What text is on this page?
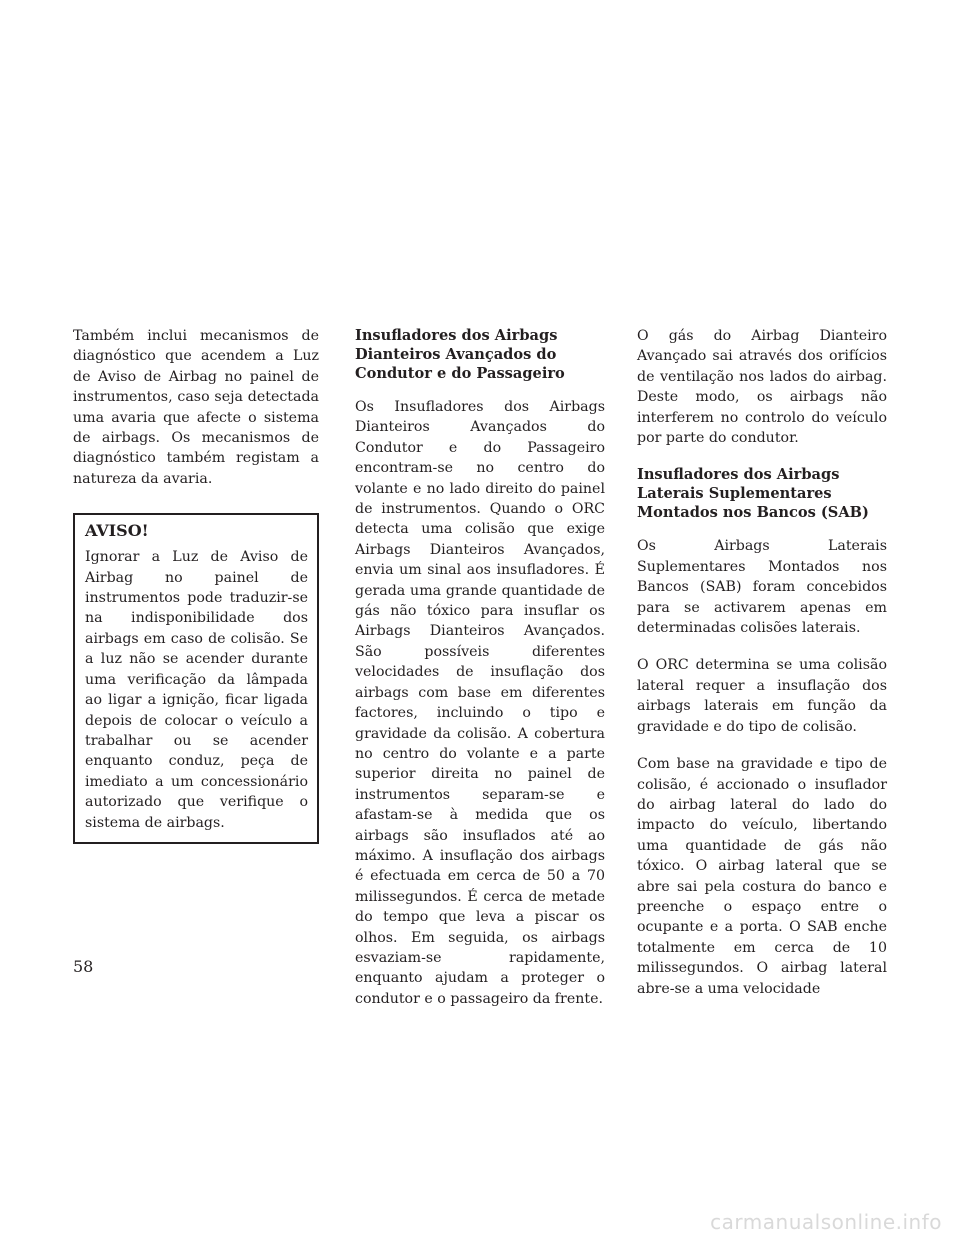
Também inclui mecanismos de diagnóstico que acendem a Luz de Aviso de Airbag no painel de instrumentos, caso seja detectada uma avaria que afecte o sistema de airbags. Os mecanismos de diagnóstico também registam a natureza da avaria.

AVISO!

Ignorar a Luz de Aviso de Airbag no painel de instrumentos pode traduzir-se na indisponibilidade dos airbags em caso de colisão. Se a luz não se acender durante uma verificação da lâmpada ao ligar a ignição, ficar ligada depois de colocar o veículo a trabalhar ou se acender enquanto conduz, peça de imediato a um concessionário autorizado que verifique o sistema de airbags.

Insufladores dos Airbags Dianteiros Avançados do Condutor e do Passageiro

Os Insufladores dos Airbags Dianteiros Avançados do Condutor e do Passageiro encontram-se no centro do volante e no lado direito do painel de instrumentos. Quando o ORC detecta uma colisão que exige Airbags Dianteiros Avançados, envia um sinal aos insufladores. É gerada uma grande quantidade de gás não tóxico para insuflar os Airbags Dianteiros Avançados. São possíveis diferentes velocidades de insuflação dos airbags com base em diferentes factores, incluindo o tipo e gravidade da colisão. A cobertura no centro do volante e a parte superior direita no painel de instrumentos separam-se e afastam-se à medida que os airbags são insuflados até ao máximo. A insuflação dos airbags é efectuada em cerca de 50 a 70 milissegundos. É cerca de metade do tempo que leva a piscar os olhos. Em seguida, os airbags esvaziam-se rapidamente, enquanto ajudam a proteger o condutor e o passageiro da frente.

O gás do Airbag Dianteiro Avançado sai através dos orifícios de ventilação nos lados do airbag. Deste modo, os airbags não interferem no controlo do veículo por parte do condutor.

Insufladores dos Airbags Laterais Suplementares Montados nos Bancos (SAB)

Os Airbags Laterais Suplementares Montados nos Bancos (SAB) foram concebidos para se activarem apenas em determinadas colisões laterais.

O ORC determina se uma colisão lateral requer a insuflação dos airbags laterais em função da gravidade e do tipo de colisão.

Com base na gravidade e tipo de colisão, é accionado o insuflador do airbag lateral do lado do impacto do veículo, libertando uma quantidade de gás não tóxico. O airbag lateral que se abre sai pela costura do banco e preenche o espaço entre o ocupante e a porta. O SAB enche totalmente em cerca de 10 milissegundos. O airbag lateral abre-se a uma velocidade

58
carmanualsonline.info
